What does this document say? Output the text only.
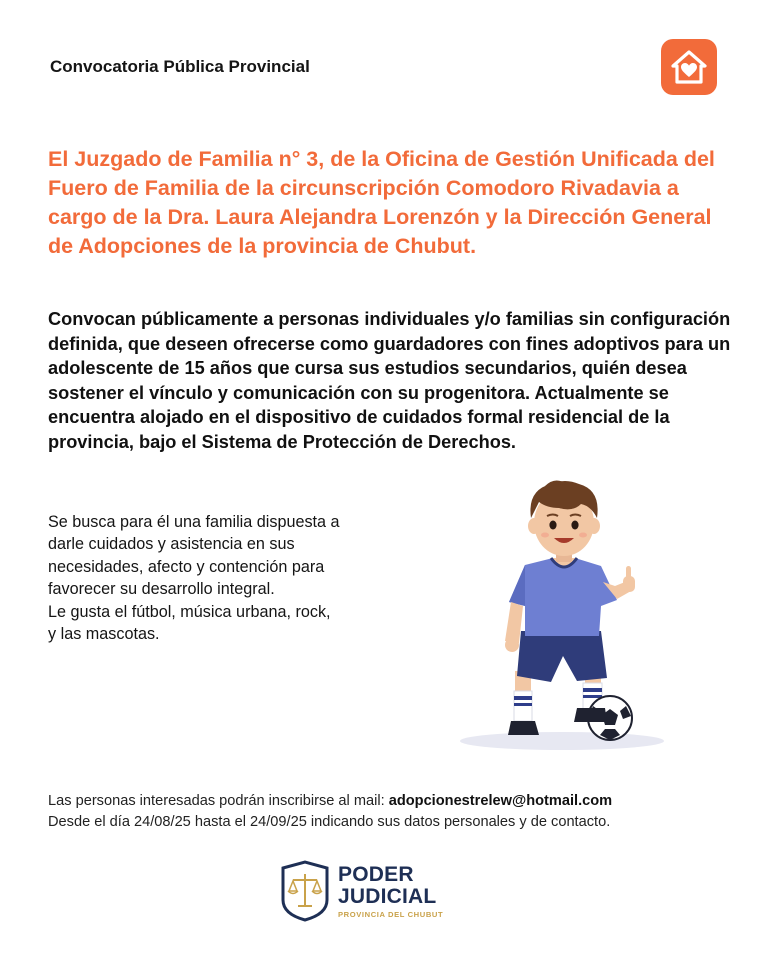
Convocatoria Pública Provincial

El Juzgado de Familia n° 3, de la Oficina de Gestión Unificada del Fuero de Familia de la circunscripción Comodoro Rivadavia a cargo de la Dra. Laura Alejandra Lorenzón y la Dirección General de Adopciones de la provincia de Chubut.

Convocan públicamente a personas individuales y/o familias sin configuración definida, que deseen ofrecerse como guardadores con fines adoptivos para un adolescente de 15 años que cursa sus estudios secundarios, quién desea sostener el vínculo y comunicación con su progenitora. Actualmente se encuentra alojado en el dispositivo de cuidados formal residencial de la provincia, bajo el Sistema de Protección de Derechos.

Se busca para él una familia dispuesta a
darle cuidados y asistencia en sus
necesidades, afecto y contención para
favorecer su desarrollo integral.
Le gusta el fútbol, música urbana, rock,
y las mascotas.

Las personas interesadas podrán inscribirse al mail: adopcionestrelew@hotmail.com
Desde el día 24/08/25 hasta el 24/09/25 indicando sus datos personales y de contacto.

PODER
JUDICIAL
PROVINCIA DEL CHUBUT
